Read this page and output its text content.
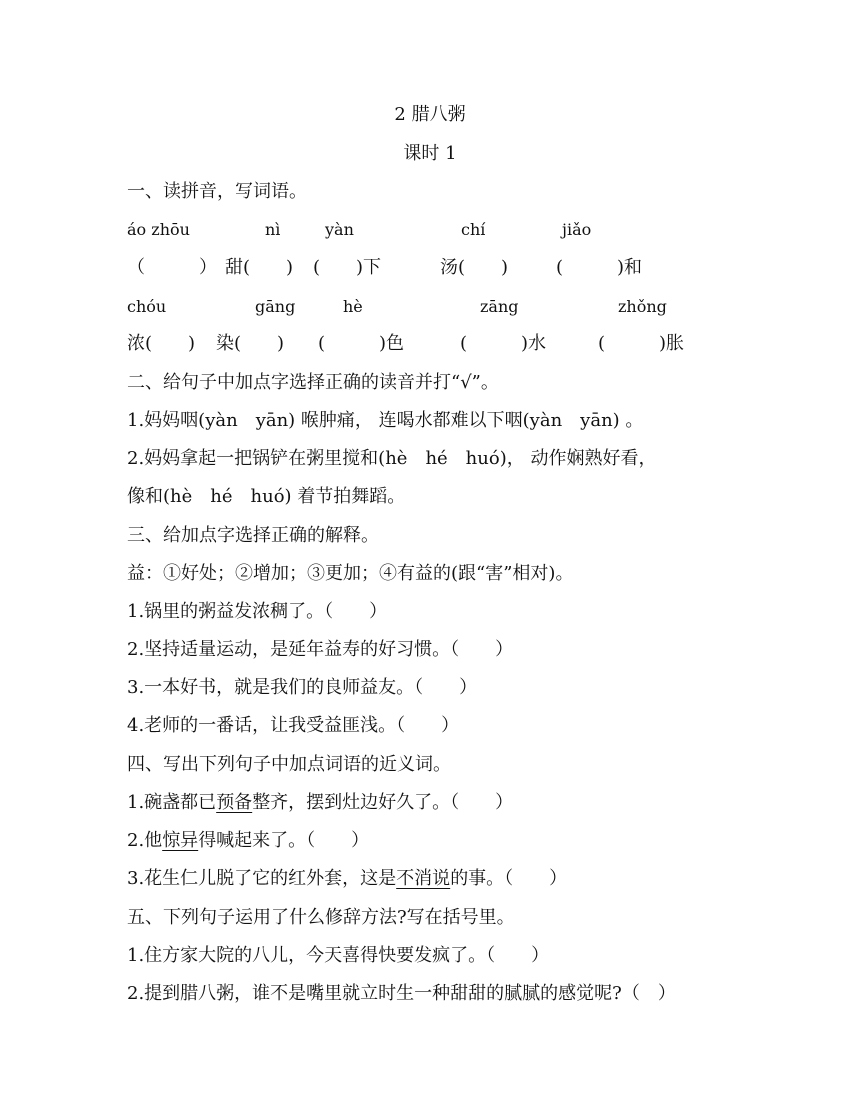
2 腊八粥
课时 1
一、读拼音，写词语。
áo zhōu	nì	yàn	chí	jiǎo
（　　　） 甜(　　) (　　)下	汤(　　)	(　　　)和
chóu	gāng	hè	zāng	zhǒng
浓(　　) 染(　　) (　　　)色	(　　　)水	(　　　)胀
二、给句子中加点字选择正确的读音并打“√”。
1.妈妈咽(yàn　yān) 喉肿痛， 连喝水都难以下咽(yàn　yān) 。
2.妈妈拿起一把锅铲在粥里搅和(hè　hé　huó)， 动作娴熟好看，
像和(hè　hé　huó) 着节拍舞蹈。
三、给加点字选择正确的解释。
益：①好处；②增加；③更加；④有益的(跟“害”相对)。
1.锅里的粥益发浓稠了。（　　）
2.坚持适量运动，是延年益寿的好习惯。（　　）
3.一本好书，就是我们的良师益友。（　　）
4.老师的一番话，让我受益匪浅。（　　）
四、写出下列句子中加点词语的近义词。
1.碗盏都已预备整齐，摆到灶边好久了。（　　）
2.他惊异得喊起来了。（　　）
3.花生仁儿脱了它的红外套，这是不消说的事。（　　）
五、下列句子运用了什么修辞方法?写在括号里。
1.住方家大院的八儿，今天喜得快要发疯了。（　　）
2.提到腊八粥，谁不是嘴里就立时生一种甜甜的腻腻的感觉呢?（　）
